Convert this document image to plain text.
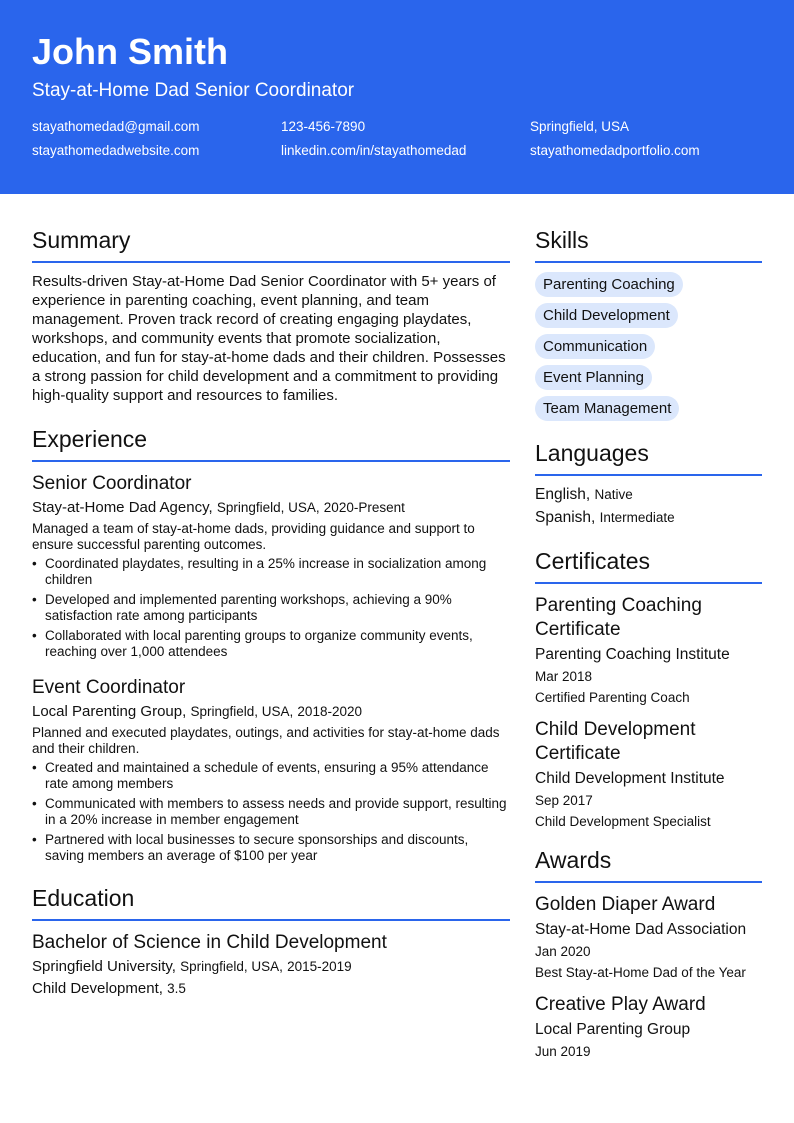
John Smith
Stay-at-Home Dad Senior Coordinator
stayathomedad@gmail.com	123-456-7890	Springfield, USA
stayathomedadwebsite.com	linkedin.com/in/stayathomedad	stayathomedadportfolio.com
Summary
Results-driven Stay-at-Home Dad Senior Coordinator with 5+ years of experience in parenting coaching, event planning, and team management. Proven track record of creating engaging playdates, workshops, and community events that promote socialization, education, and fun for stay-at-home dads and their children. Possesses a strong passion for child development and a commitment to providing high-quality support and resources to families.
Experience
Senior Coordinator
Stay-at-Home Dad Agency, Springfield, USA, 2020-Present
Managed a team of stay-at-home dads, providing guidance and support to ensure successful parenting outcomes.
• Coordinated playdates, resulting in a 25% increase in socialization among children
• Developed and implemented parenting workshops, achieving a 90% satisfaction rate among participants
• Collaborated with local parenting groups to organize community events, reaching over 1,000 attendees
Event Coordinator
Local Parenting Group, Springfield, USA, 2018-2020
Planned and executed playdates, outings, and activities for stay-at-home dads and their children.
• Created and maintained a schedule of events, ensuring a 95% attendance rate among members
• Communicated with members to assess needs and provide support, resulting in a 20% increase in member engagement
• Partnered with local businesses to secure sponsorships and discounts, saving members an average of $100 per year
Education
Bachelor of Science in Child Development
Springfield University, Springfield, USA, 2015-2019
Child Development, 3.5
Skills
Parenting Coaching
Child Development
Communication
Event Planning
Team Management
Languages
English, Native
Spanish, Intermediate
Certificates
Parenting Coaching Certificate
Parenting Coaching Institute
Mar 2018
Certified Parenting Coach
Child Development Certificate
Child Development Institute
Sep 2017
Child Development Specialist
Awards
Golden Diaper Award
Stay-at-Home Dad Association
Jan 2020
Best Stay-at-Home Dad of the Year
Creative Play Award
Local Parenting Group
Jun 2019
